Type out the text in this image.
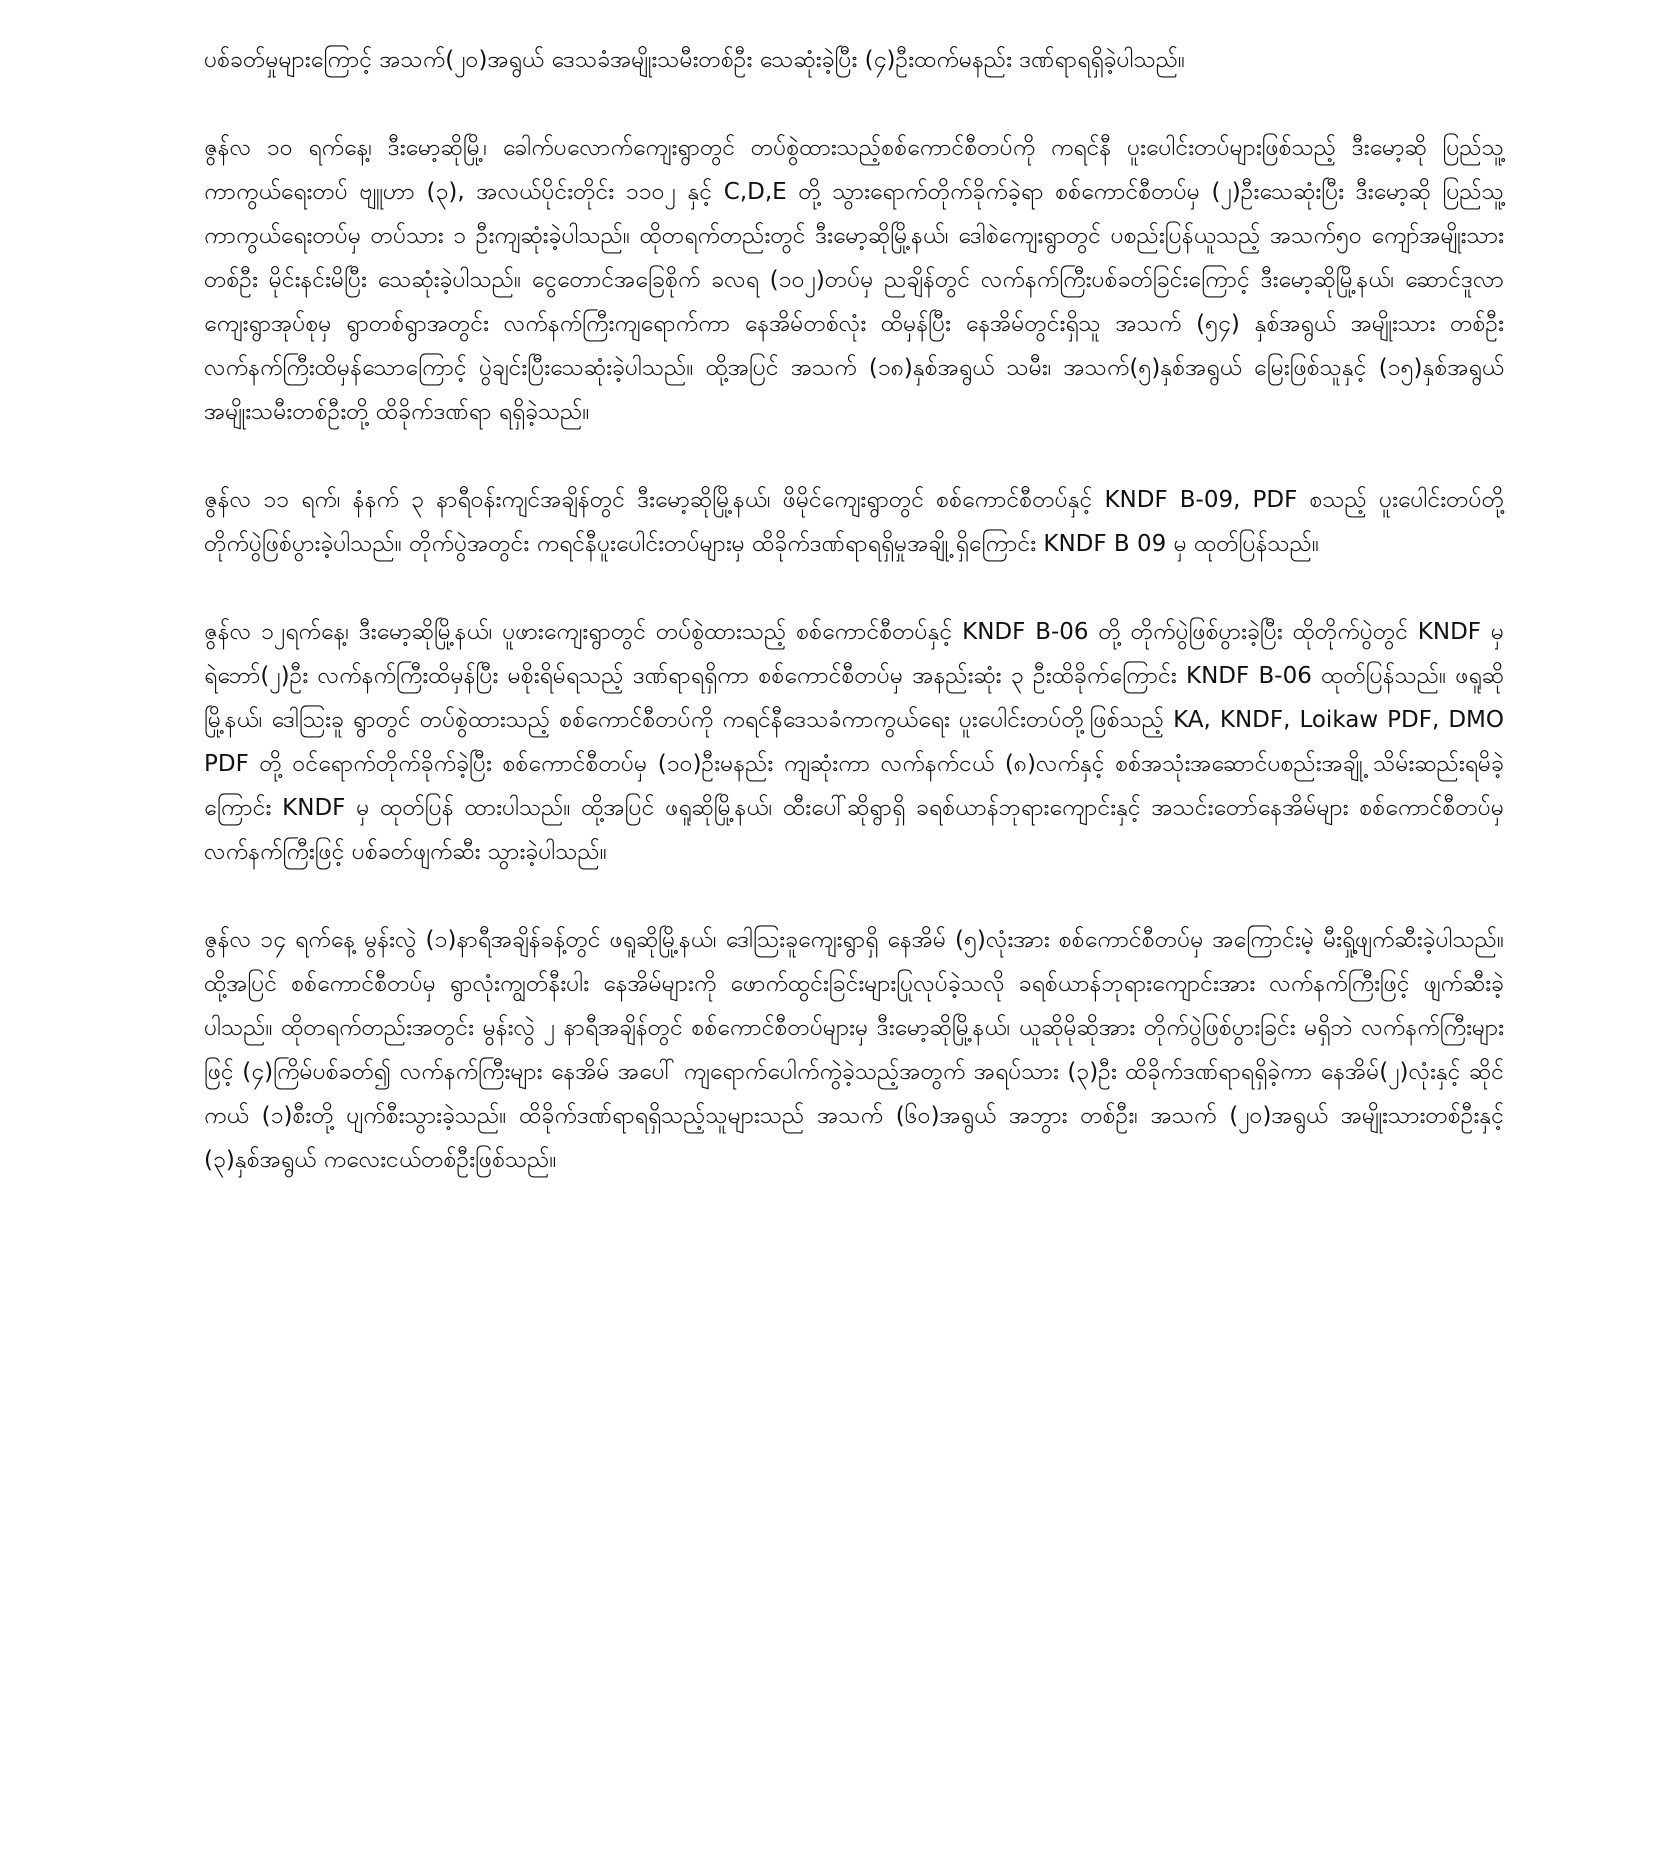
ပစ်ခတ်မှုများကြောင့် အသက်(၂၀)အရွယ် ဒေသခံအမျိုးသမီးတစ်ဦး သေဆုံးခဲ့ပြီး (၄)ဦးထက်မနည်း ဒဏ်ရာရရှိခဲ့ပါသည်။

ဇွန်လ ၁၀ ရက်နေ့၊ ဒီးမော့ဆိုမြို့၊ ခေါက်ပလောက်ကျေးရွာတွင် တပ်စွဲထားသည့်စစ်ကောင်စီတပ်ကို ကရင်နီ ပူးပေါင်းတပ်များဖြစ်သည့် ဒီးမော့ဆို ပြည်သူ့ကာကွယ်ရေးတပ် ဗျူဟာ (၃), အလယ်ပိုင်းတိုင်း ၁၁၀၂ နှင့် C,D,E တို့ သွားရောက်တိုက်ခိုက်ခဲ့ရာ စစ်ကောင်စီတပ်မှ (၂)ဦးသေဆုံးပြီး ဒီးမော့ဆို ပြည်သူ့ကာကွယ်ရေးတပ်မှ တပ်သား ၁ ဦးကျဆုံးခဲ့ပါသည်။ ထိုတရက်တည်းတွင် ဒီးမော့ဆိုမြို့နယ်၊ ဒေါစဲကျေးရွာတွင် ပစည်းပြန်ယူသည့် အသက်၅၀ ကျော်အမျိုးသားတစ်ဦး မိုင်းနင်းမိပြီး သေဆုံးခဲ့ပါသည်။ ငွေတောင်အခြေစိုက် ခလရ (၁၀၂)တပ်မှ ညချိန်တွင် လက်နက်ကြီးပစ်ခတ်ခြင်းကြောင့် ဒီးမော့ဆိုမြို့နယ်၊ ဆောင်ဒူလာကျေးရွာအုပ်စုမှ ရွာတစ်ရွာအတွင်း လက်နက်ကြီးကျရောက်ကာ နေအိမ်တစ်လုံး ထိမှန်ပြီး နေအိမ်တွင်းရှိသူ အသက် (၅၄) နှစ်အရွယ် အမျိုးသား တစ်ဦး လက်နက်ကြီးထိမှန်သောကြောင့် ပွဲချင်းပြီးသေဆုံးခဲ့ပါသည်။ ထို့အပြင် အသက် (၁၈)နှစ်အရွယ် သမီး၊ အသက်(၅)နှစ်အရွယ် မြေးဖြစ်သူနှင့် (၁၅)နှစ်အရွယ် အမျိုးသမီးတစ်ဦးတို့ ထိခိုက်ဒဏ်ရာ ရရှိခဲ့သည်။

ဇွန်လ ၁၁ ရက်၊ နံနက် ၃ နာရီဝန်းကျင်အချိန်တွင် ဒီးမော့ဆိုမြို့နယ်၊ ဖိမိုင်ကျေးရွာတွင် စစ်ကောင်စီတပ်နှင့် KNDF B-09, PDF စသည့် ပူးပေါင်းတပ်တို့ တိုက်ပွဲဖြစ်ပွားခဲ့ပါသည်။ တိုက်ပွဲအတွင်း ကရင်နီပူးပေါင်းတပ်များမှ ထိခိုက်ဒဏ်ရာရရှိမှုအချို့ ရှိကြောင်း KNDF B 09 မှ ထုတ်ပြန်သည်။

ဇွန်လ ၁၂ရက်နေ့၊ ဒီးမော့ဆိုမြို့နယ်၊ ပူဖားကျေးရွာတွင် တပ်စွဲထားသည့် စစ်ကောင်စီတပ်နှင့် KNDF B-06 တို့ တိုက်ပွဲဖြစ်ပွားခဲ့ပြီး ထိုတိုက်ပွဲတွင် KNDF မှ ရဲဘော်(၂)ဦး လက်နက်ကြီးထိမှန်ပြီး မစိုးရိမ်ရသည့် ဒဏ်ရာရရှိကာ စစ်ကောင်စီတပ်မှ အနည်းဆုံး ၃ ဦးထိခိုက်ကြောင်း KNDF B-06 ထုတ်ပြန်သည်။ ဖရူဆိုမြို့နယ်၊ ဒေါသြးခူ ရွာတွင် တပ်စွဲထားသည့် စစ်ကောင်စီတပ်ကို ကရင်နီဒေသခံကာကွယ်ရေး ပူးပေါင်းတပ်တို့ဖြစ်သည့် KA, KNDF, Loikaw PDF, DMO PDF တို့ ဝင်ရောက်တိုက်ခိုက်ခဲ့ပြီး စစ်ကောင်စီတပ်မှ (၁၀)ဦးမနည်း ကျဆုံးကာ လက်နက်ငယ် (၈)လက်နှင့် စစ်အသုံးအဆောင်ပစည်းအချို့ သိမ်းဆည်းရမိခဲ့ကြောင်း KNDF မှ ထုတ်ပြန် ထားပါသည်။ ထို့အပြင် ဖရူဆိုမြို့နယ်၊ ထီးပေါ်ဆိုရွာရှိ ခရစ်ယာန်ဘုရားကျောင်းနှင့် အသင်းတော်နေအိမ်များ စစ်ကောင်စီတပ်မှ လက်နက်ကြီးဖြင့် ပစ်ခတ်ဖျက်ဆီး သွားခဲ့ပါသည်။

ဇွန်လ ၁၄ ရက်နေ့ မွန်းလွဲ (၁)နာရီအချိန်ခန့်တွင် ဖရူဆိုမြို့နယ်၊ ဒေါသြးခူကျေးရွာရှိ နေအိမ် (၅)လုံးအား စစ်ကောင်စီတပ်မှ အကြောင်းမဲ့ မီးရှို့ဖျက်ဆီးခဲ့ပါသည်။ ထို့အပြင် စစ်ကောင်စီတပ်မှ ရွာလုံးကျွတ်နီးပါး နေအိမ်များကို ဖောက်ထွင်းခြင်းများပြုလုပ်ခဲ့သလို ခရစ်ယာန်ဘုရားကျောင်းအား လက်နက်ကြီးဖြင့် ဖျက်ဆီးခဲ့ပါသည်။ ထိုတရက်တည်းအတွင်း မွန်းလွဲ ၂ နာရီအချိန်တွင် စစ်ကောင်စီတပ်များမှ ဒီးမော့ဆိုမြို့နယ်၊ ယူဆိုမိုဆိုအား တိုက်ပွဲဖြစ်ပွားခြင်း မရှိဘဲ လက်နက်ကြီးများဖြင့် (၄)ကြိမ်ပစ်ခတ်၍ လက်နက်ကြီးများ နေအိမ် အပေါ် ကျရောက်ပေါက်ကွဲခဲ့သည့်အတွက် အရပ်သား (၃)ဦး ထိခိုက်ဒဏ်ရာရရှိခဲ့ကာ နေအိမ်(၂)လုံးနှင့် ဆိုင်ကယ် (၁)စီးတို့ ပျက်စီးသွားခဲ့သည်။ ထိခိုက်ဒဏ်ရာရရှိသည့်သူများသည် အသက် (၆၀)အရွယ် အဘွား တစ်ဦး၊ အသက် (၂၀)အရွယ် အမျိုးသားတစ်ဦးနှင့် (၃)နှစ်အရွယ် ကလေးငယ်တစ်ဦးဖြစ်သည်။
